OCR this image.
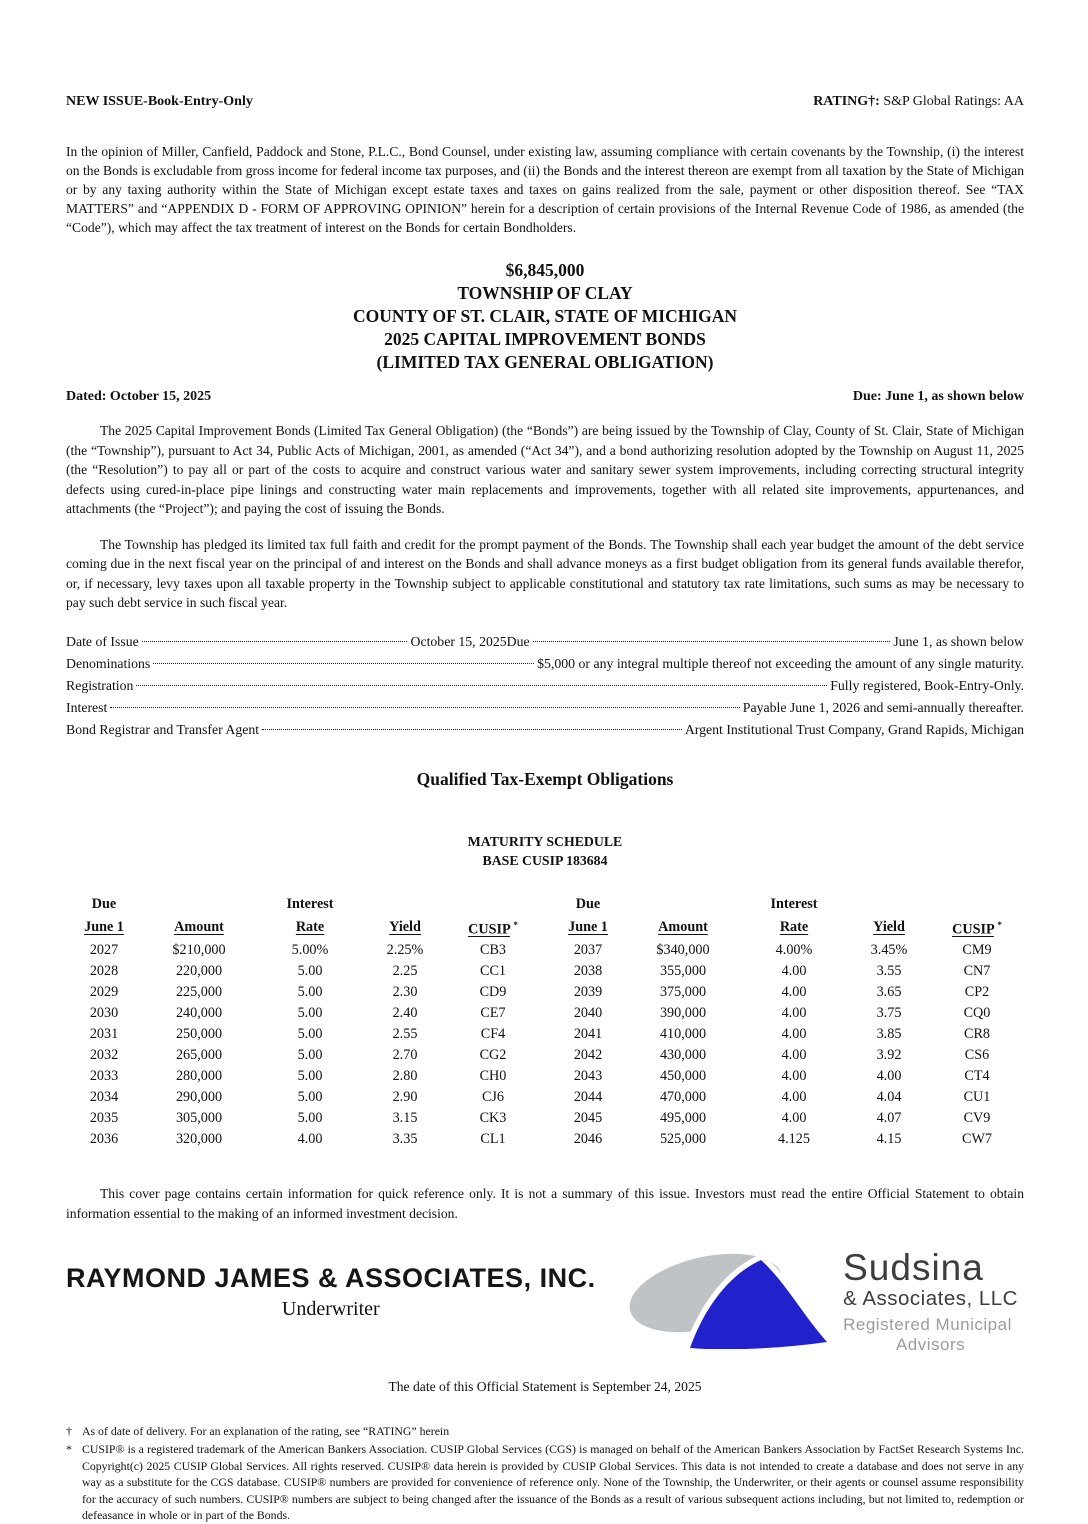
NEW ISSUE-Book-Entry-Only	RATING†: S&P Global Ratings: AA

In the opinion of Miller, Canfield, Paddock and Stone, P.L.C., Bond Counsel, under existing law, assuming compliance with certain covenants by the Township, (i) the interest on the Bonds is excludable from gross income for federal income tax purposes, and (ii) the Bonds and the interest thereon are exempt from all taxation by the State of Michigan or by any taxing authority within the State of Michigan except estate taxes and taxes on gains realized from the sale, payment or other disposition thereof. See “TAX MATTERS” and “APPENDIX D - FORM OF APPROVING OPINION” herein for a description of certain provisions of the Internal Revenue Code of 1986, as amended (the “Code”), which may affect the tax treatment of interest on the Bonds for certain Bondholders.

$6,845,000
TOWNSHIP OF CLAY
COUNTY OF ST. CLAIR, STATE OF MICHIGAN
2025 CAPITAL IMPROVEMENT BONDS
(LIMITED TAX GENERAL OBLIGATION)
Dated: October 15, 2025	Due: June 1, as shown below

The 2025 Capital Improvement Bonds (Limited Tax General Obligation) (the “Bonds”) are being issued by the Township of Clay, County of St. Clair, State of Michigan (the “Township”), pursuant to Act 34, Public Acts of Michigan, 2001, as amended (“Act 34”), and a bond authorizing resolution adopted by the Township on August 11, 2025 (the “Resolution”) to pay all or part of the costs to acquire and construct various water and sanitary sewer system improvements, including correcting structural integrity defects using cured-in-place pipe linings and constructing water main replacements and improvements, together with all related site improvements, appurtenances, and attachments (the “Project”); and paying the cost of issuing the Bonds.

The Township has pledged its limited tax full faith and credit for the prompt payment of the Bonds. The Township shall each year budget the amount of the debt service coming due in the next fiscal year on the principal of and interest on the Bonds and shall advance moneys as a first budget obligation from its general funds available therefor, or, if necessary, levy taxes upon all taxable property in the Township subject to applicable constitutional and statutory tax rate limitations, such sums as may be necessary to pay such debt service in such fiscal year.

Date of Issue	October 15, 2025 Due	June 1, as shown below
Denominations	$5,000 or any integral multiple thereof not exceeding the amount of any single maturity.
Registration	Fully registered, Book-Entry-Only.
Interest	Payable June 1, 2026 and semi-annually thereafter.
Bond Registrar and Transfer Agent	Argent Institutional Trust Company, Grand Rapids, Michigan
Qualified Tax-Exempt Obligations
MATURITY SCHEDULE
BASE CUSIP 183684
Due		Interest		
June 1	Amount	Rate	Yield	CUSIP *
2027	$210,000	5.00%	2.25%	CB3
2028	220,000	5.00	2.25	CC1
2029	225,000	5.00	2.30	CD9
2030	240,000	5.00	2.40	CE7
2031	250,000	5.00	2.55	CF4
2032	265,000	5.00	2.70	CG2
2033	280,000	5.00	2.80	CH0
2034	290,000	5.00	2.90	CJ6
2035	305,000	5.00	3.15	CK3
2036	320,000	4.00	3.35	CL1
Due		Interest		
June 1	Amount	Rate	Yield	CUSIP *
2037	$340,000	4.00%	3.45%	CM9
2038	355,000	4.00	3.55	CN7
2039	375,000	4.00	3.65	CP2
2040	390,000	4.00	3.75	CQ0
2041	410,000	4.00	3.85	CR8
2042	430,000	4.00	3.92	CS6
2043	450,000	4.00	4.00	CT4
2044	470,000	4.00	4.04	CU1
2045	495,000	4.00	4.07	CV9
2046	525,000	4.125	4.15	CW7

This cover page contains certain information for quick reference only. It is not a summary of this issue. Investors must read the entire Official Statement to obtain information essential to the making of an informed investment decision.

RAYMOND JAMES & ASSOCIATES, INC.
Underwriter
Sudsina
& Associates, LLC
Registered Municipal
Advisors
The date of this Official Statement is September 24, 2025
† As of date of delivery. For an explanation of the rating, see “RATING” herein
* CUSIP® is a registered trademark of the American Bankers Association. CUSIP Global Services (CGS) is managed on behalf of the American Bankers Association by FactSet Research Systems Inc. Copyright(c) 2025 CUSIP Global Services. All rights reserved. CUSIP® data herein is provided by CUSIP Global Services. This data is not intended to create a database and does not serve in any way as a substitute for the CGS database. CUSIP® numbers are provided for convenience of reference only. None of the Township, the Underwriter, or their agents or counsel assume responsibility for the accuracy of such numbers. CUSIP® numbers are subject to being changed after the issuance of the Bonds as a result of various subsequent actions including, but not limited to, redemption or defeasance in whole or in part of the Bonds.
